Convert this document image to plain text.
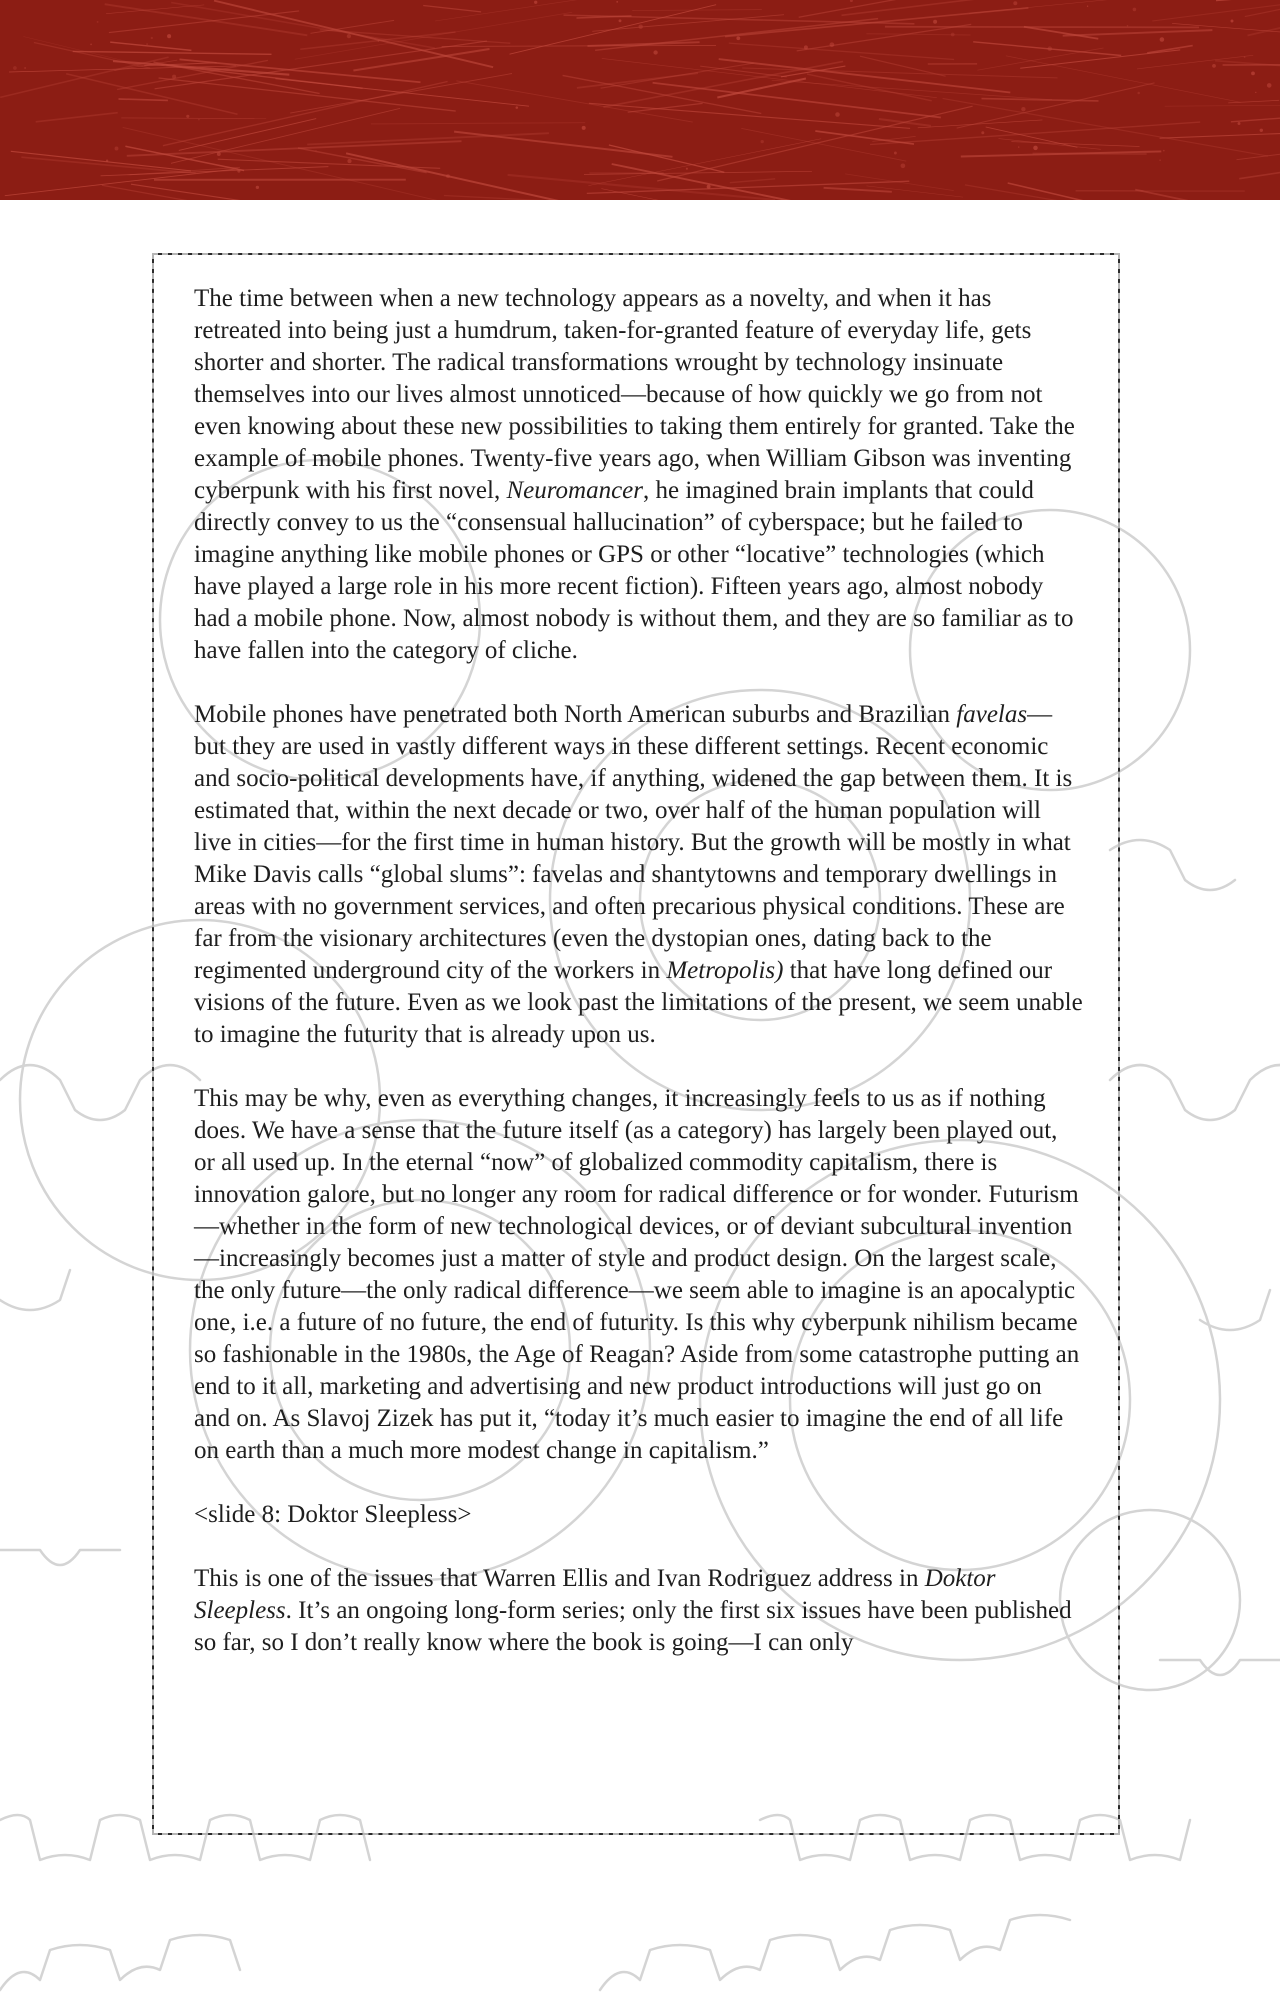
The time between when a new technology appears as a novelty, and when it has retreated into being just a humdrum, taken-for-granted feature of everyday life, gets shorter and shorter. The radical transformations wrought by technology insinuate themselves into our lives almost unnoticed—because of how quickly we go from not even knowing about these new possibilities to taking them entirely for granted. Take the example of mobile phones. Twenty-five years ago, when William Gibson was inventing cyberpunk with his first novel, Neuromancer, he imagined brain implants that could directly convey to us the “consensual hallucination” of cyberspace; but he failed to imagine anything like mobile phones or GPS or other “locative” technologies (which have played a large role in his more recent fiction). Fifteen years ago, almost nobody had a mobile phone. Now, almost nobody is without them, and they are so familiar as to have fallen into the category of cliche.

Mobile phones have penetrated both North American suburbs and Brazilian favelas—but they are used in vastly different ways in these different settings. Recent economic and socio-political developments have, if anything, widened the gap between them. It is estimated that, within the next decade or two, over half of the human population will live in cities—for the first time in human history. But the growth will be mostly in what Mike Davis calls “global slums”: favelas and shantytowns and temporary dwellings in areas with no government services, and often precarious physical conditions. These are far from the visionary architectures (even the dystopian ones, dating back to the regimented underground city of the workers in Metropolis) that have long defined our visions of the future. Even as we look past the limitations of the present, we seem unable to imagine the futurity that is already upon us.

This may be why, even as everything changes, it increasingly feels to us as if nothing does. We have a sense that the future itself (as a category) has largely been played out, or all used up. In the eternal “now” of globalized commodity capitalism, there is innovation galore, but no longer any room for radical difference or for wonder. Futurism—whether in the form of new technological devices, or of deviant subcultural invention—increasingly becomes just a matter of style and product design. On the largest scale, the only future—the only radical difference—we seem able to imagine is an apocalyptic one, i.e. a future of no future, the end of futurity. Is this why cyberpunk nihilism became so fashionable in the 1980s, the Age of Reagan? Aside from some catastrophe putting an end to it all, marketing and advertising and new product introductions will just go on and on. As Slavoj Zizek has put it, “today it’s much easier to imagine the end of all life on earth than a much more modest change in capitalism.”

<slide 8: Doktor Sleepless>

This is one of the issues that Warren Ellis and Ivan Rodriguez address in Doktor Sleepless. It’s an ongoing long-form series; only the first six issues have been published so far, so I don’t really know where the book is going—I can only
